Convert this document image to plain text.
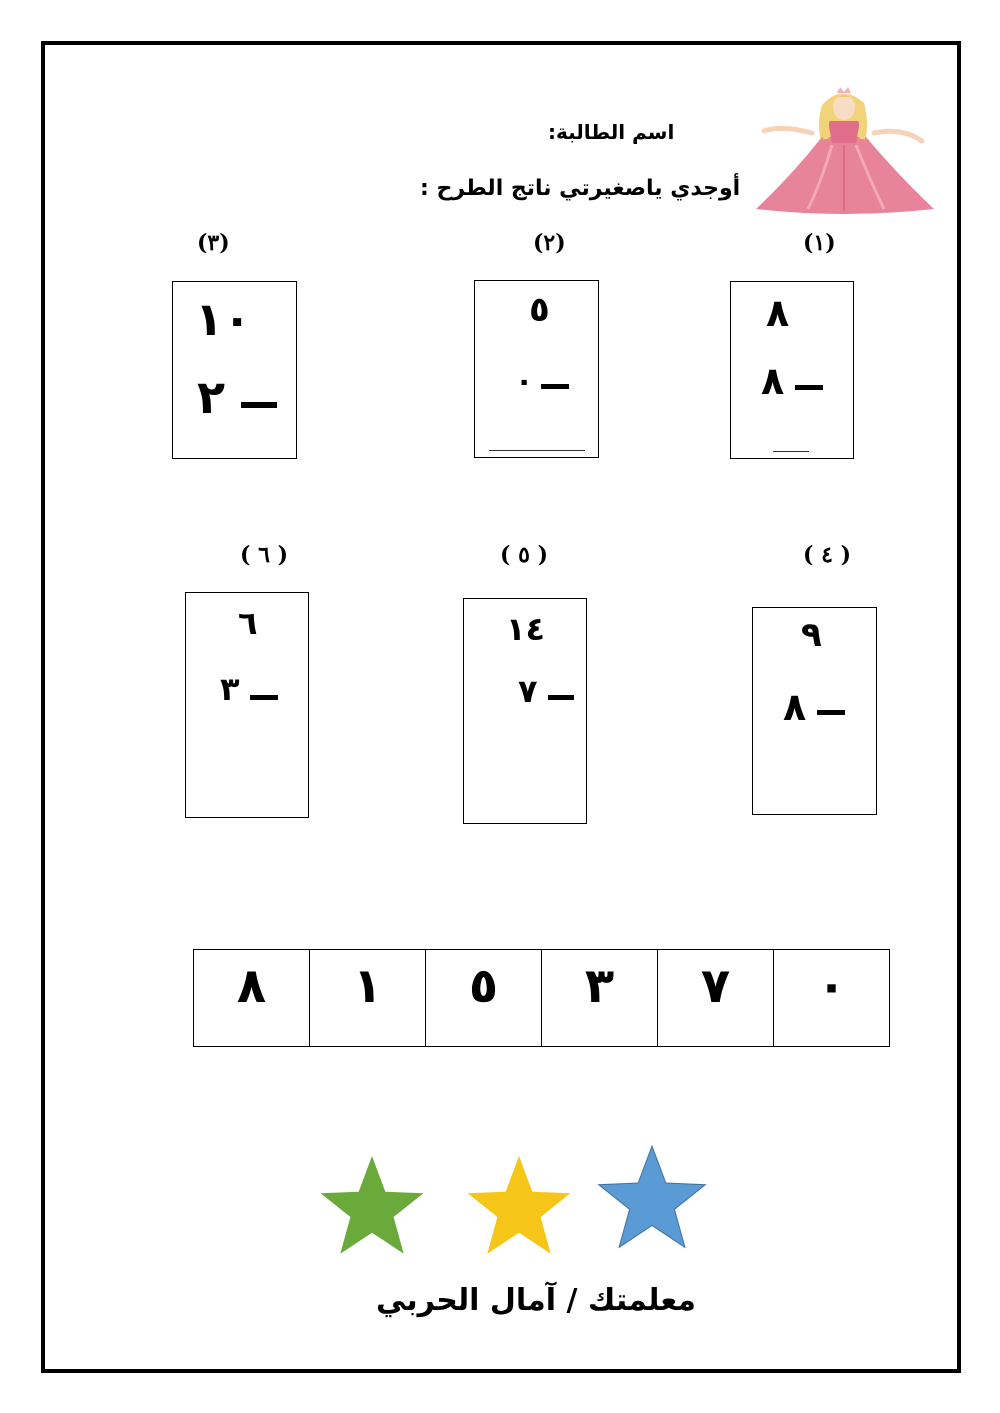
اسم الطالبة:
أوجدي ياصغيرتي ناتج الطرح :
(١)
(٢)
(٣)
( ٤ )
( ٥ )
( ٦ )
٨
٨
٥
٠
١٠
٢
٩
٨
١٤
٧
٦
٣
٨	١	٥	٣	٧	٠
معلمتك / آمال الحربي
